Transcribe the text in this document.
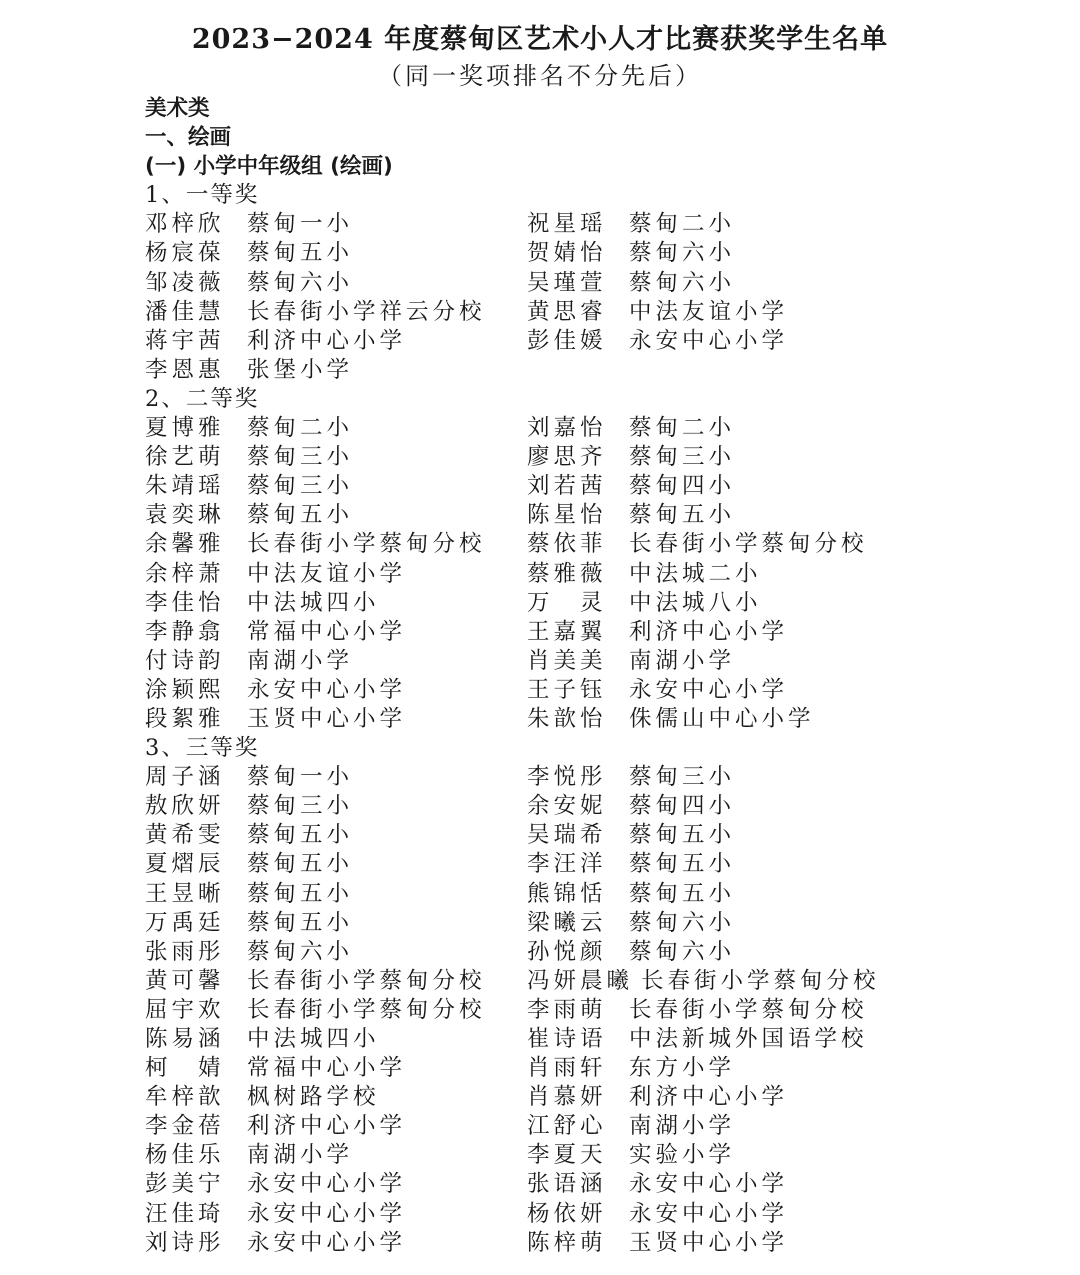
2023−2024 年度蔡甸区艺术小人才比赛获奖学生名单
（同一奖项排名不分先后）
美术类
一、绘画
(一) 小学中年级组 (绘画)
1、一等奖
邓梓欣 蔡甸一小	祝星瑶 蔡甸二小
杨宸葆 蔡甸五小	贺婧怡 蔡甸六小
邹凌薇 蔡甸六小	吴瑾萱 蔡甸六小
潘佳慧 长春街小学祥云分校 黄思睿 中法友谊小学
蒋宇茜 利济中心小学	彭佳媛 永安中心小学
李恩惠 张堡小学
2、二等奖
夏博雅 蔡甸二小	刘嘉怡 蔡甸二小
徐艺萌 蔡甸三小	廖思齐 蔡甸三小
朱靖瑶 蔡甸三小	刘若茜 蔡甸四小
袁奕琳 蔡甸五小	陈星怡 蔡甸五小
余馨雅 长春街小学蔡甸分校 蔡依菲 长春街小学蔡甸分校
余梓萧 中法友谊小学	蔡雅薇 中法城二小
李佳怡 中法城四小	万　灵 中法城八小
李静翕 常福中心小学	王嘉翼 利济中心小学
付诗韵 南湖小学	肖美美 南湖小学
涂颖熙 永安中心小学	王子钰 永安中心小学
段絮雅 玉贤中心小学	朱歆怡 侏儒山中心小学
3、三等奖
周子涵 蔡甸一小	李悦彤 蔡甸三小
敖欣妍 蔡甸三小	余安妮 蔡甸四小
黄希雯 蔡甸五小	吴瑞希 蔡甸五小
夏熠辰 蔡甸五小	李汪洋 蔡甸五小
王昱晰 蔡甸五小	熊锦恬 蔡甸五小
万禹廷 蔡甸五小	梁曦云 蔡甸六小
张雨彤 蔡甸六小	孙悦颜 蔡甸六小
黄可馨 长春街小学蔡甸分校 冯妍晨曦 长春街小学蔡甸分校
屈宇欢 长春街小学蔡甸分校 李雨萌 长春街小学蔡甸分校
陈易涵 中法城四小	崔诗语 中法新城外国语学校
柯　婧 常福中心小学	肖雨轩 东方小学
牟梓歆 枫树路学校	肖慕妍 利济中心小学
李金蓓 利济中心小学	江舒心 南湖小学
杨佳乐 南湖小学	李夏天 实验小学
彭美宁 永安中心小学	张语涵 永安中心小学
汪佳琦 永安中心小学	杨依妍 永安中心小学
刘诗彤 永安中心小学	陈梓萌 玉贤中心小学
